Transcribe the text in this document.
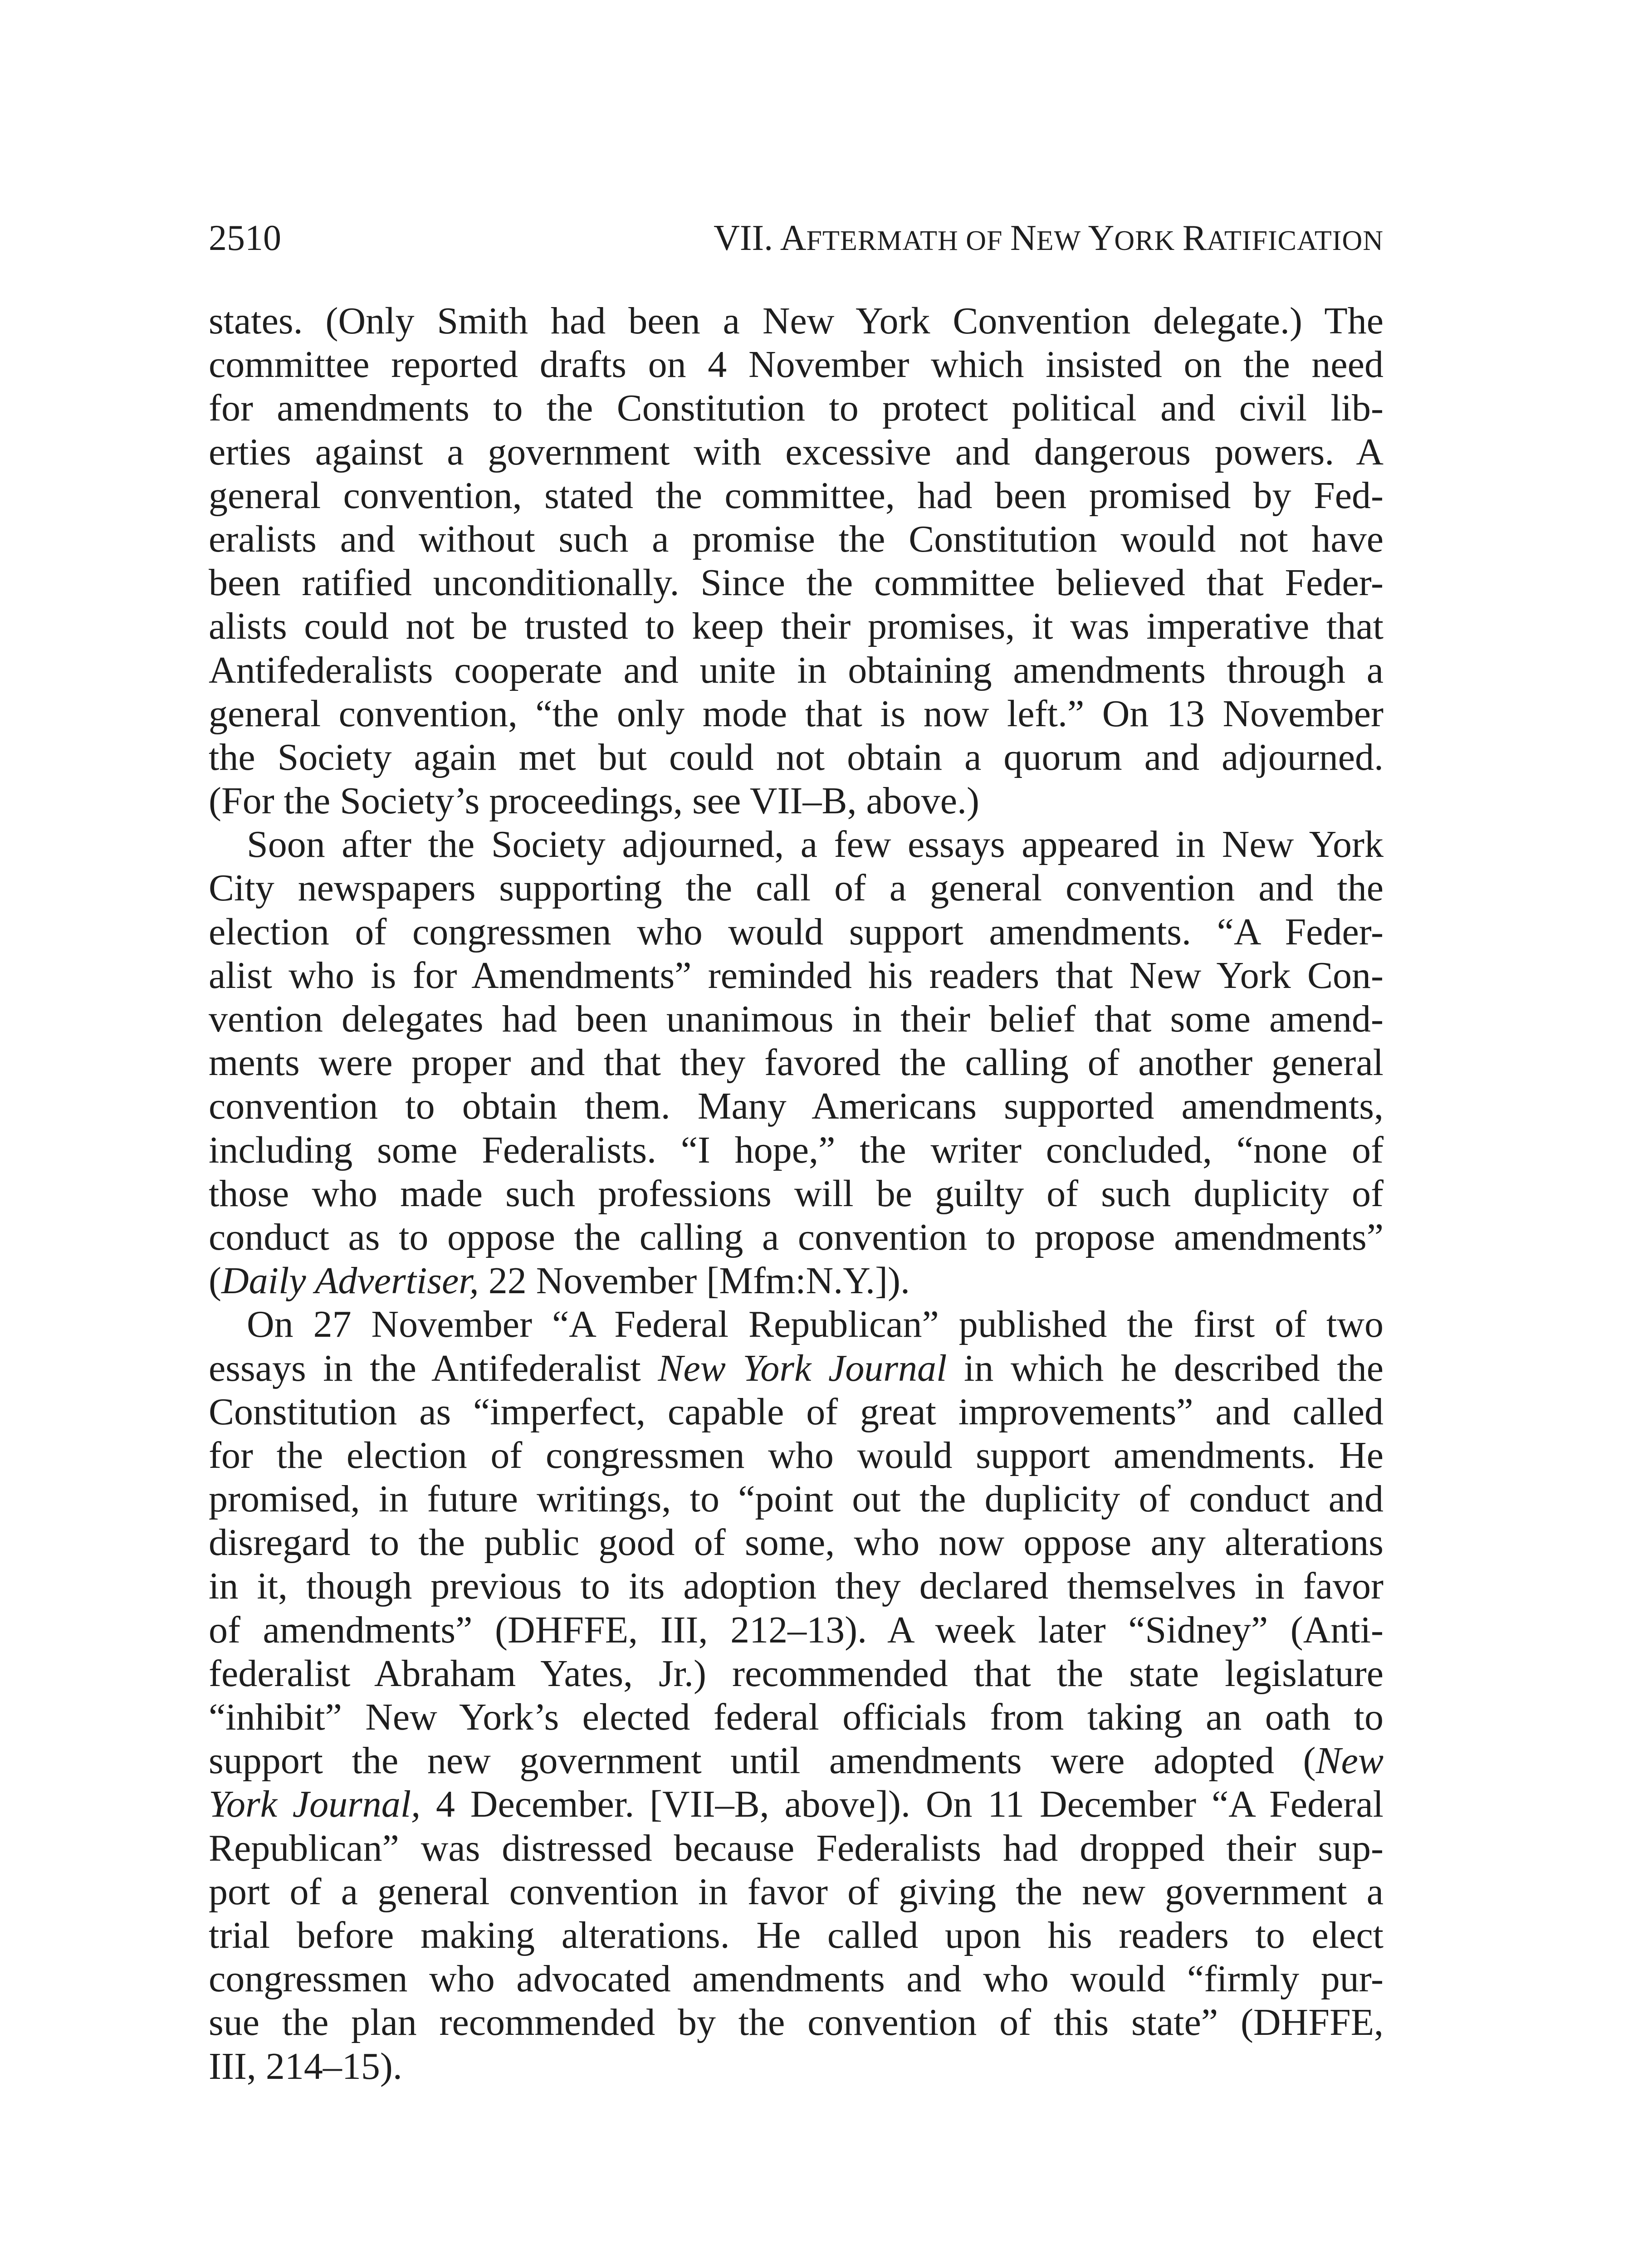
2510	VII. AFTERMATH OF NEW YORK RATIFICATION
states. (Only Smith had been a New York Convention delegate.) The
committee reported drafts on 4 November which insisted on the need
for amendments to the Constitution to protect political and civil lib-
erties against a government with excessive and dangerous powers. A
general convention, stated the committee, had been promised by Fed-
eralists and without such a promise the Constitution would not have
been ratified unconditionally. Since the committee believed that Feder-
alists could not be trusted to keep their promises, it was imperative that
Antifederalists cooperate and unite in obtaining amendments through a
general convention, “the only mode that is now left.” On 13 November
the Society again met but could not obtain a quorum and adjourned.
(For the Society’s proceedings, see VII–B, above.)
Soon after the Society adjourned, a few essays appeared in New York
City newspapers supporting the call of a general convention and the
election of congressmen who would support amendments. “A Feder-
alist who is for Amendments” reminded his readers that New York Con-
vention delegates had been unanimous in their belief that some amend-
ments were proper and that they favored the calling of another general
convention to obtain them. Many Americans supported amendments,
including some Federalists. “I hope,” the writer concluded, “none of
those who made such professions will be guilty of such duplicity of
conduct as to oppose the calling a convention to propose amendments”
(Daily Advertiser, 22 November [Mfm:N.Y.]).
On 27 November “A Federal Republican” published the first of two
essays in the Antifederalist New York Journal in which he described the
Constitution as “imperfect, capable of great improvements” and called
for the election of congressmen who would support amendments. He
promised, in future writings, to “point out the duplicity of conduct and
disregard to the public good of some, who now oppose any alterations
in it, though previous to its adoption they declared themselves in favor
of amendments” (DHFFE, III, 212–13). A week later “Sidney” (Anti-
federalist Abraham Yates, Jr.) recommended that the state legislature
“inhibit” New York’s elected federal officials from taking an oath to
support the new government until amendments were adopted (New
York Journal, 4 December. [VII–B, above]). On 11 December “A Federal
Republican” was distressed because Federalists had dropped their sup-
port of a general convention in favor of giving the new government a
trial before making alterations. He called upon his readers to elect
congressmen who advocated amendments and who would “firmly pur-
sue the plan recommended by the convention of this state” (DHFFE,
III, 214–15).
